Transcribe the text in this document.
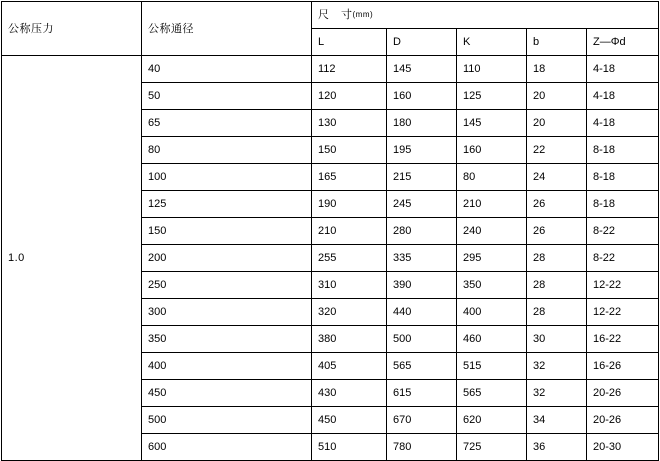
公称压力	公称通径	尺　寸(mm)				
		L	D	K	b	Z—Φd
1.0	40	112	145	110	18	4-18
	50	120	160	125	20	4-18
	65	130	180	145	20	4-18
	80	150	195	160	22	8-18
	100	165	215	80	24	8-18
	125	190	245	210	26	8-18
	150	210	280	240	26	8-22
	200	255	335	295	28	8-22
	250	310	390	350	28	12-22
	300	320	440	400	28	12-22
	350	380	500	460	30	16-22
	400	405	565	515	32	16-26
	450	430	615	565	32	20-26
	500	450	670	620	34	20-26
	600	510	780	725	36	20-30
